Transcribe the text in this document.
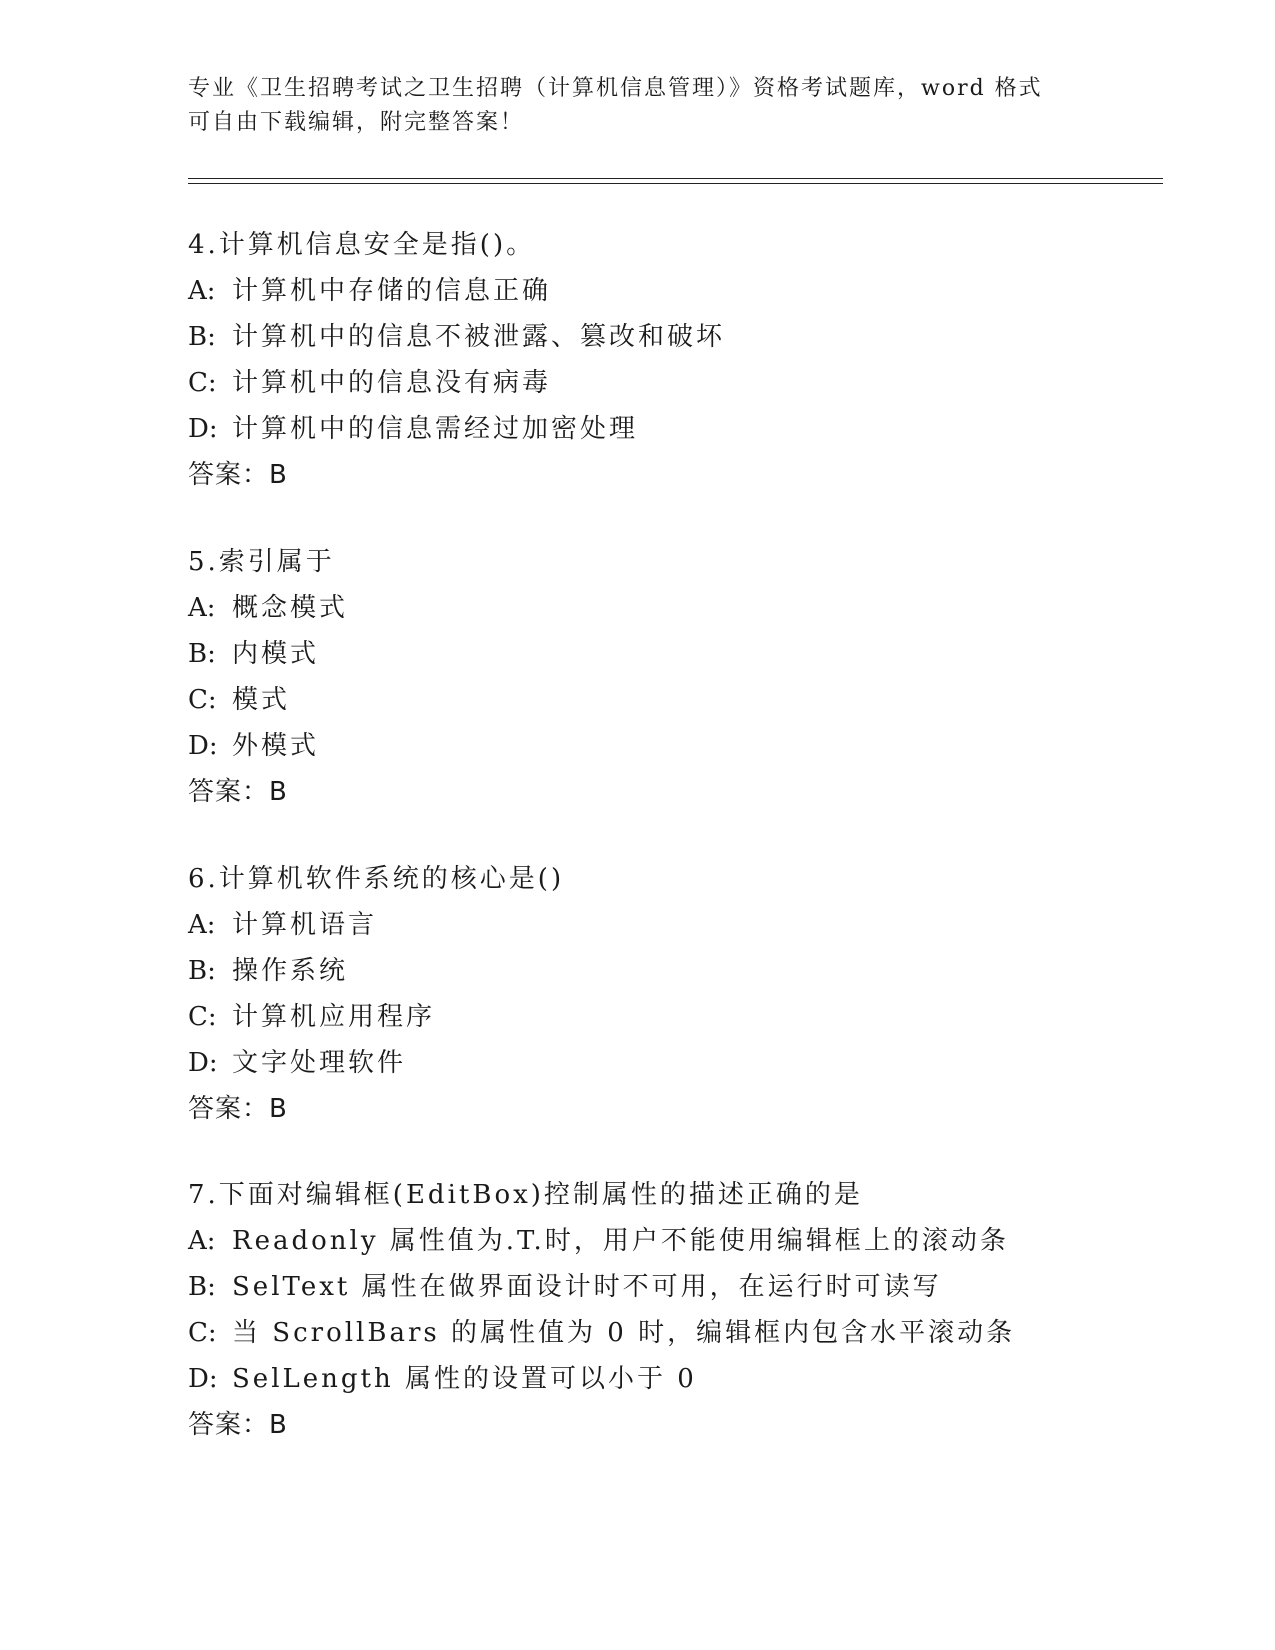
专业《卫生招聘考试之卫生招聘（计算机信息管理）》资格考试题库，word 格式
可自由下载编辑，附完整答案！
4.计算机信息安全是指()。
A: 计算机中存储的信息正确
B: 计算机中的信息不被泄露、篡改和破坏
C: 计算机中的信息没有病毒
D: 计算机中的信息需经过加密处理
答案：B
5.索引属于
A: 概念模式
B: 内模式
C: 模式
D: 外模式
答案：B
6.计算机软件系统的核心是()
A: 计算机语言
B: 操作系统
C: 计算机应用程序
D: 文字处理软件
答案：B
7.下面对编辑框(EditBox)控制属性的描述正确的是
A: Readonly 属性值为.T.时，用户不能使用编辑框上的滚动条
B: SelText 属性在做界面设计时不可用，在运行时可读写
C: 当 ScrollBars 的属性值为 0 时，编辑框内包含水平滚动条
D: SelLength 属性的设置可以小于 0
答案：B
